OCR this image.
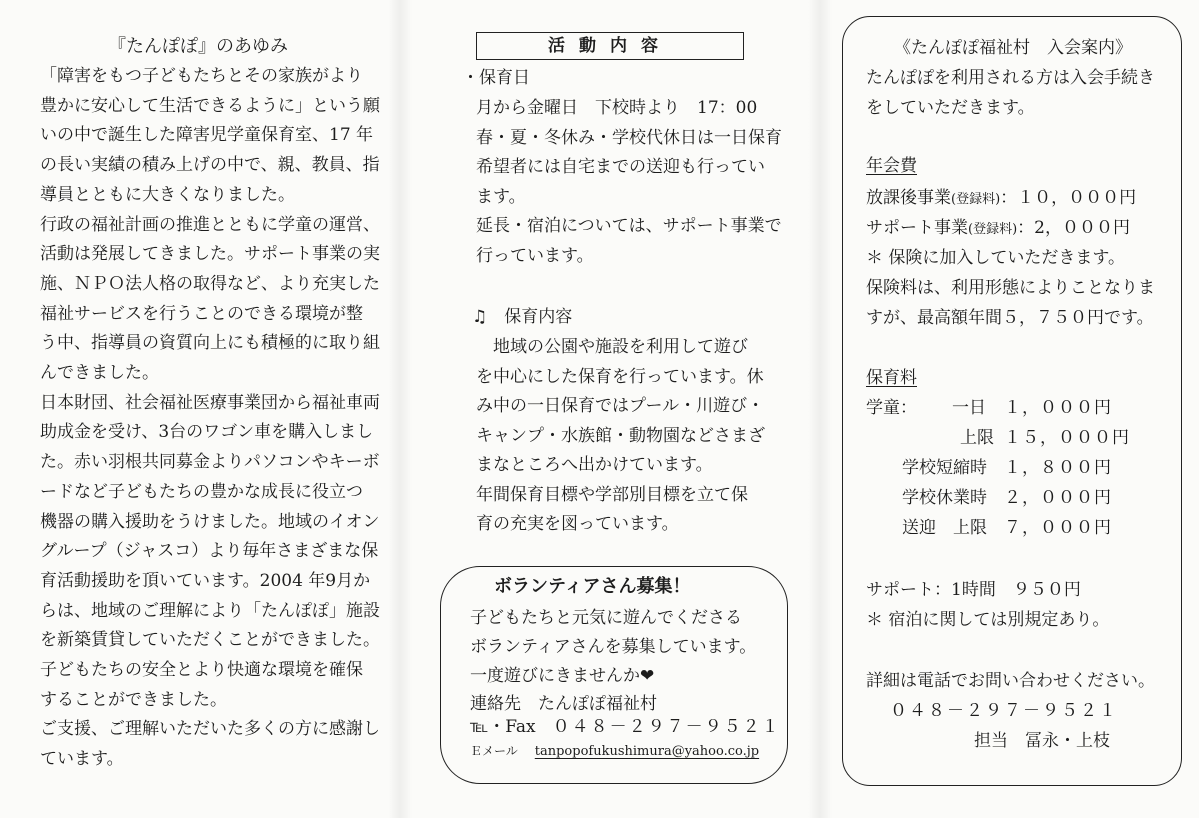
『たんぽぽ』のあゆみ
「障害をもつ子どもたちとその家族がより
豊かに安心して生活できるように」という願
いの中で誕生した障害児学童保育室、17 年
の長い実績の積み上げの中で、親、教員、指
導員とともに大きくなりました。
行政の福祉計画の推進とともに学童の運営、
活動は発展してきました。サポート事業の実
施、ＮＰＯ法人格の取得など、より充実した
福祉サービスを行うことのできる環境が整
う中、指導員の資質向上にも積極的に取り組
んできました。
日本財団、社会福祉医療事業団から福祉車両
助成金を受け、3台のワゴン車を購入しまし
た。赤い羽根共同募金よりパソコンやキーボ
ードなど子どもたちの豊かな成長に役立つ
機器の購入援助をうけました。地域のイオン
グループ（ジャスコ）より毎年さまざまな保
育活動援助を頂いています。2004 年9月か
らは、地域のご理解により「たんぽぽ」施設
を新築賃貸していただくことができました。
子どもたちの安全とより快適な環境を確保
することができました。
ご支援、ご理解いただいた多くの方に感謝し
ています。
活動内容
・保育日
月から金曜日　下校時より　17：00
春・夏・冬休み・学校代休日は一日保育
希望者には自宅までの送迎も行ってい
ます。
延長・宿泊については、サポート事業で
行っています。
♫　保育内容
　地域の公園や施設を利用して遊び
を中心にした保育を行っています。休
み中の一日保育ではプール・川遊び・
キャンプ・水族館・動物園などさまざ
まなところへ出かけています。
年間保育目標や学部別目標を立て保
育の充実を図っています。
ボランティアさん募集！
子どもたちと元気に遊んでくださる
ボランティアさんを募集しています。
一度遊びにきませんか❤
連絡先　 たんぽぽ福祉村
℡・Fax　 ０４８－２９７－９５２１
Ｅメール　 tanpopofukushimura@yahoo.co.jp
《たんぽぽ福祉村　入会案内》
たんぽぽを利用される方は入会手続き
をしていただきます。
年会費
放課後事業(登録料)：１０，０００円
サポート事業(登録料)：2，０００円
＊ 保険に加入していただきます。
保険料は、利用形態によりことなりま
すが、最高額年間５，７５０円です。
保育料
学童： 一日 １，０００円
上限 １５，０００円
学校短縮時 １，８００円
学校休業時 ２，０００円
送迎　上限 ７，０００円
サポート：1時間　９５０円
＊ 宿泊に関しては別規定あり。
詳細は電話でお問い合わせください。
０４８－２９７－９５２１
担当　冨永・上枝
